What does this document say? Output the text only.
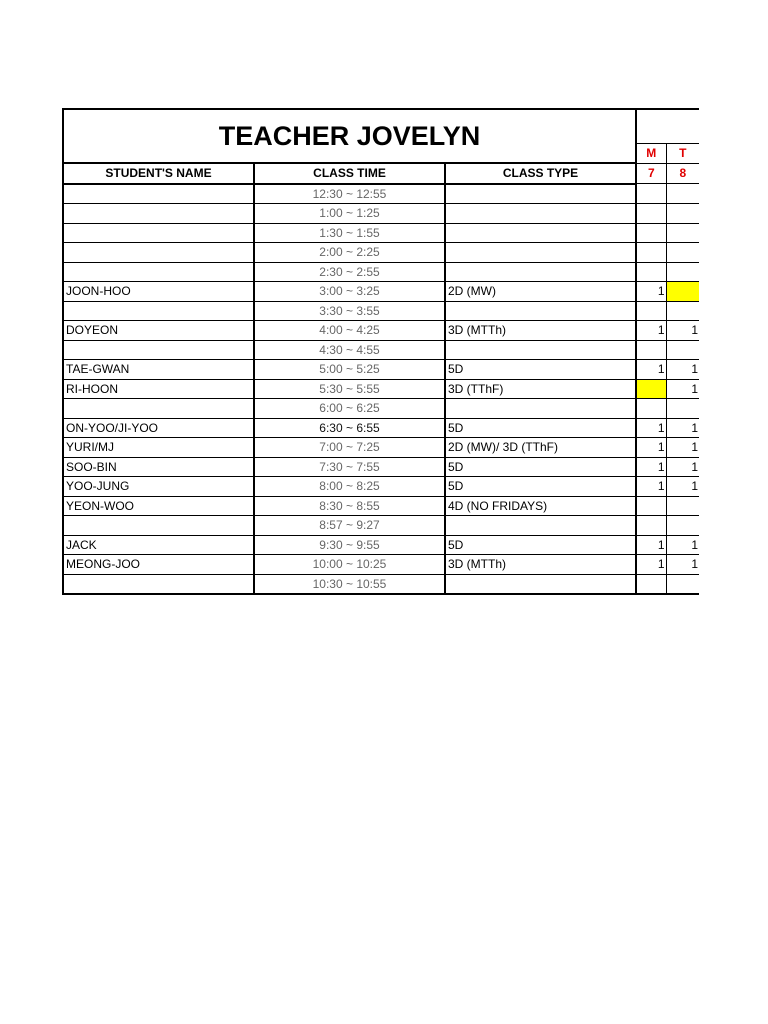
TEACHER JOVELYN				
			M	T
STUDENT'S NAME	CLASS TIME	CLASS TYPE	7	8
	12:30 ~ 12:55			
	1:00 ~ 1:25			
	1:30 ~ 1:55			
	2:00 ~ 2:25			
	2:30 ~ 2:55			
JOON-HOO	3:00 ~ 3:25	2D (MW)	1	
	3:30 ~ 3:55			
DOYEON	4:00 ~ 4:25	3D (MTTh)	1	1
	4:30 ~ 4:55			
TAE-GWAN	5:00 ~ 5:25	5D	1	1
RI-HOON	5:30 ~ 5:55	3D (TThF)		1
	6:00 ~ 6:25			
ON-YOO/JI-YOO	6:30 ~ 6:55	5D	1	1
YURI/MJ	7:00 ~ 7:25	2D (MW)/ 3D (TThF)	1	1
SOO-BIN	7:30 ~ 7:55	5D	1	1
YOO-JUNG	8:00 ~ 8:25	5D	1	1
YEON-WOO	8:30 ~ 8:55	4D (NO FRIDAYS)		
	8:57 ~ 9:27			
JACK	9:30 ~ 9:55	5D	1	1
MEONG-JOO	10:00 ~ 10:25	3D (MTTh)	1	1
	10:30 ~ 10:55			
